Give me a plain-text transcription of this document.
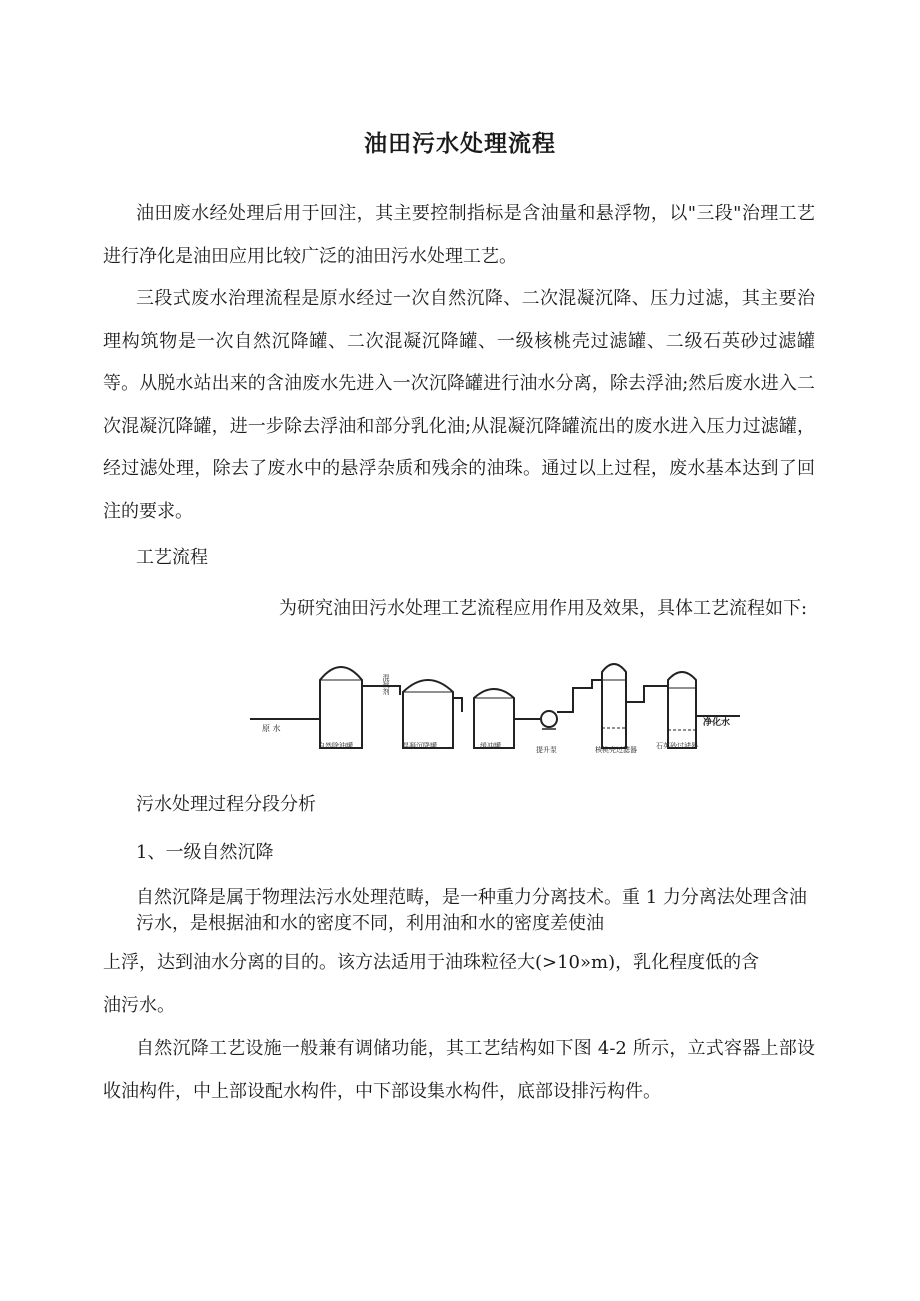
油田污水处理流程
油田废水经处理后用于回注，其主要控制指标是含油量和悬浮物，以"三段"治理工艺进行净化是油田应用比较广泛的油田污水处理工艺。
三段式废水治理流程是原水经过一次自然沉降、二次混凝沉降、压力过滤，其主要治理构筑物是一次自然沉降罐、二次混凝沉降罐、一级核桃壳过滤罐、二级石英砂过滤罐等。从脱水站出来的含油废水先进入一次沉降罐进行油水分离，除去浮油;然后废水进入二次混凝沉降罐，进一步除去浮油和部分乳化油;从混凝沉降罐流出的废水进入压力过滤罐，经过滤处理，除去了废水中的悬浮杂质和残余的油珠。通过以上过程，废水基本达到了回注的要求。
工艺流程
为研究油田污水处理工艺流程应用作用及效果，具体工艺流程如下:
原 水
自然除油罐	混凝沉降罐	缓冲罐	提升泵	核桃壳过滤器	石英砂过滤器
净化水
混凝剂
污水处理过程分段分析
1、一级自然沉降
自然沉降是属于物理法污水处理范畴，是一种重力分离技术。重 1 力分离法处理含油污水，是根据油和水的密度不同，利用油和水的密度差使油
上浮，达到油水分离的目的。该方法适用于油珠粒径大(>10»m)，乳化程度低的含
油污水。
自然沉降工艺设施一般兼有调储功能，其工艺结构如下图 4-2 所示，立式容器上部设收油构件，中上部设配水构件，中下部设集水构件，底部设排污构件。
